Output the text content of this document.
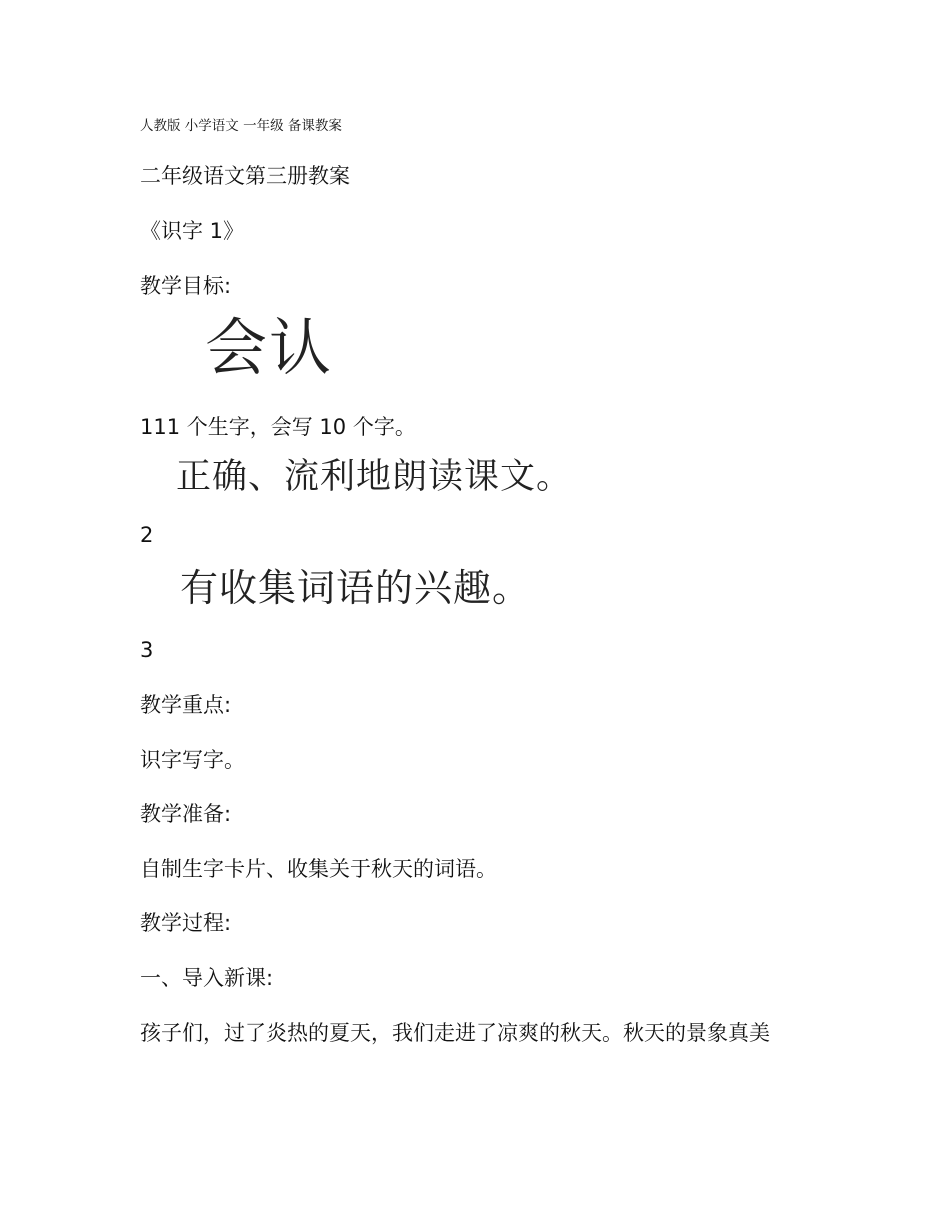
人教版 小学语文 一年级 备课教案
二年级语文第三册教案
《识字 1》
教学目标:
会认
111 个生字，会写 10 个字。
正确、流利地朗读课文。
2
有收集词语的兴趣。
3
教学重点:
识字写字。
教学准备:
自制生字卡片、收集关于秋天的词语。
教学过程:
一、导入新课:
孩子们，过了炎热的夏天，我们走进了凉爽的秋天。秋天的景象真美
